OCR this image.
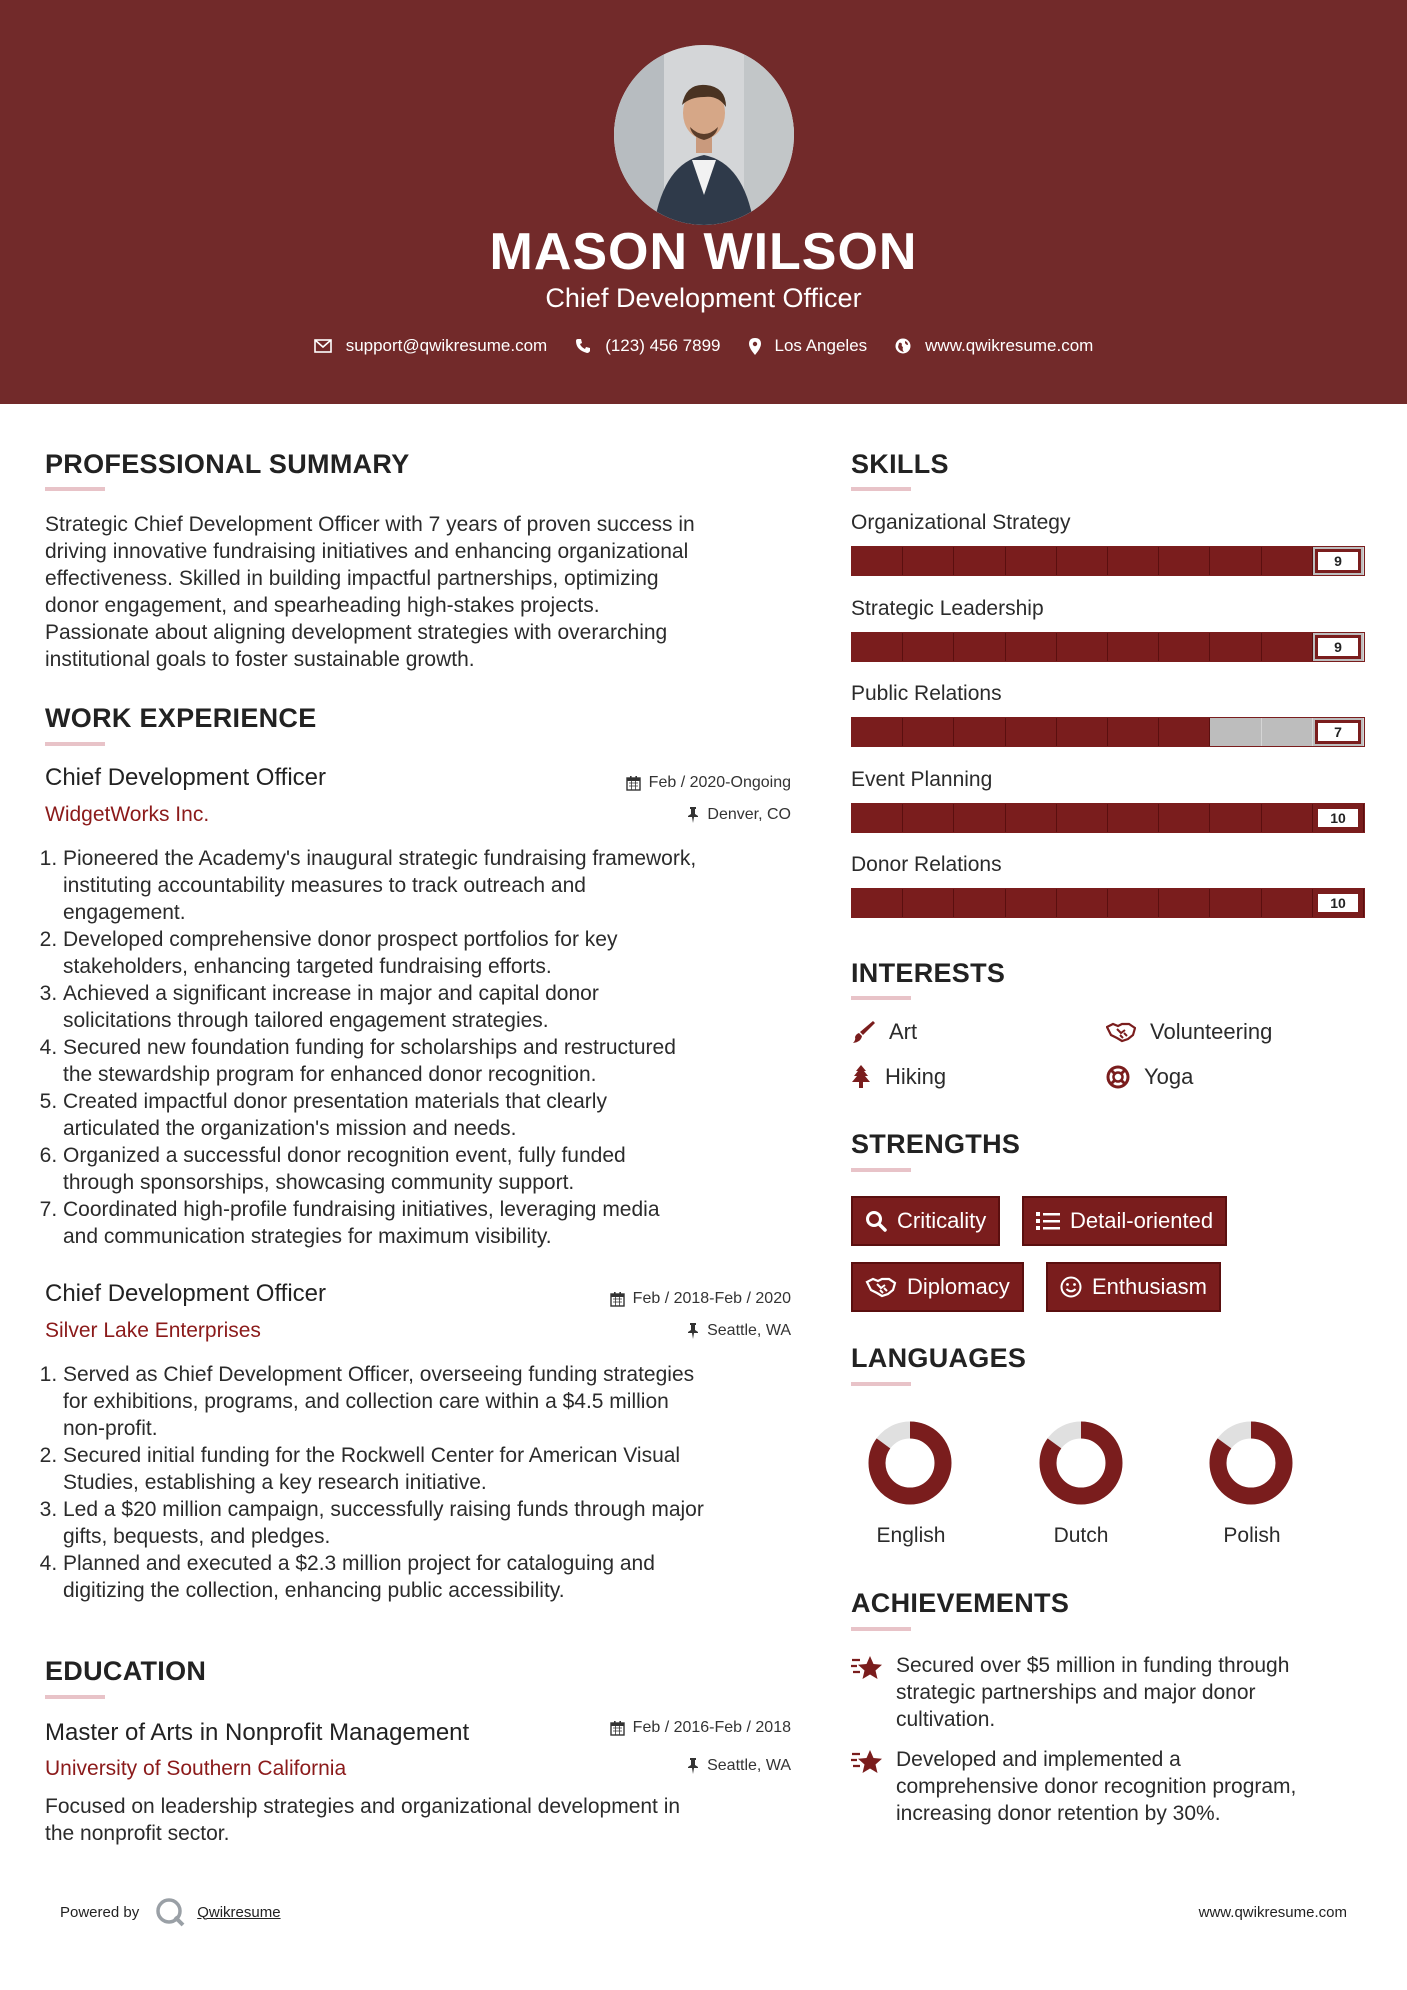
MASON WILSON
Chief Development Officer
support@qwikresume.com	(123) 456 7899	Los Angeles	www.qwikresume.com
PROFESSIONAL SUMMARY
Strategic Chief Development Officer with 7 years of proven success in
driving innovative fundraising initiatives and enhancing organizational
effectiveness. Skilled in building impactful partnerships, optimizing
donor engagement, and spearheading high-stakes projects.
Passionate about aligning development strategies with overarching
institutional goals to foster sustainable growth.
WORK EXPERIENCE
Chief Development Officer	Feb / 2020-Ongoing
WidgetWorks Inc.	Denver, CO
1. Pioneered the Academy's inaugural strategic fundraising framework,
instituting accountability measures to track outreach and
engagement.
2. Developed comprehensive donor prospect portfolios for key
stakeholders, enhancing targeted fundraising efforts.
3. Achieved a significant increase in major and capital donor
solicitations through tailored engagement strategies.
4. Secured new foundation funding for scholarships and restructured
the stewardship program for enhanced donor recognition.
5. Created impactful donor presentation materials that clearly
articulated the organization's mission and needs.
6. Organized a successful donor recognition event, fully funded
through sponsorships, showcasing community support.
7. Coordinated high-profile fundraising initiatives, leveraging media
and communication strategies for maximum visibility.
Chief Development Officer	Feb / 2018-Feb / 2020
Silver Lake Enterprises	Seattle, WA
1. Served as Chief Development Officer, overseeing funding strategies
for exhibitions, programs, and collection care within a $4.5 million
non-profit.
2. Secured initial funding for the Rockwell Center for American Visual
Studies, establishing a key research initiative.
3. Led a $20 million campaign, successfully raising funds through major
gifts, bequests, and pledges.
4. Planned and executed a $2.3 million project for cataloguing and
digitizing the collection, enhancing public accessibility.
EDUCATION
Master of Arts in Nonprofit Management	Feb / 2016-Feb / 2018
University of Southern California	Seattle, WA
Focused on leadership strategies and organizational development in
the nonprofit sector.
SKILLS
Organizational Strategy
9
Strategic Leadership
9
Public Relations
7
Event Planning
10
Donor Relations
10
INTERESTS
Art	Volunteering
Hiking	Yoga
STRENGTHS
Criticality	Detail-oriented
Diplomacy	Enthusiasm
LANGUAGES
English	Dutch	Polish
ACHIEVEMENTS
Secured over $5 million in funding through
strategic partnerships and major donor
cultivation.
Developed and implemented a
comprehensive donor recognition program,
increasing donor retention by 30%.
Powered by	Qwikresume	www.qwikresume.com
